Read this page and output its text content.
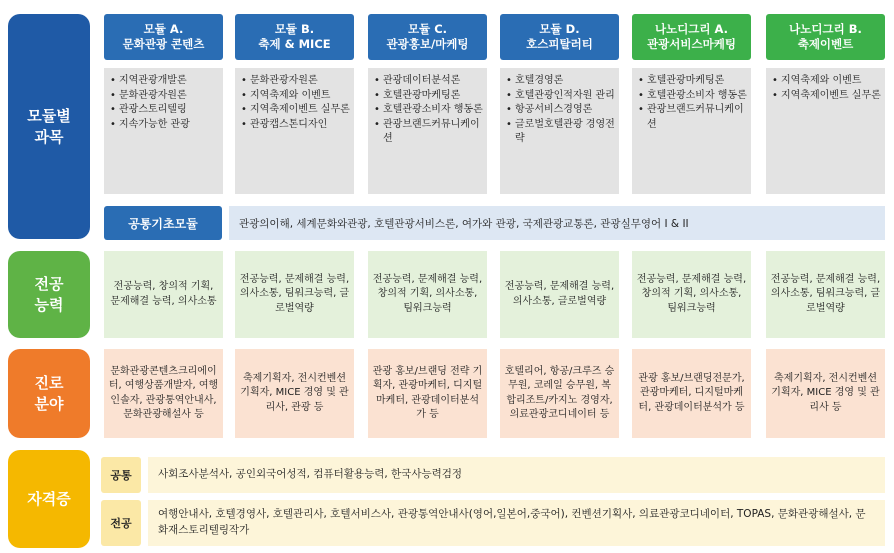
모듈별
과목
전공
능력
진로
분야
자격증
모듈 A.
문화관광 콘텐츠
모듈 B.
축제 & MICE
모듈 C.
관광홍보/마케팅
모듈 D.
호스피탈러티
나노디그리 A.
관광서비스마케팅
나노디그리 B.
축제이벤트
• 지역관광개발론
• 문화관광자원론
• 관광스토리텔링
• 지속가능한 관광
• 문화관광자원론
• 지역축제와 이벤트
• 지역축제이벤트 실무론
• 관광캡스톤디자인
• 관광데이터분석론
• 호텔관광마케팅론
• 호텔관광소비자 행동론
• 관광브랜드커뮤니케이션
• 호텔경영론
• 호텔관광인적자원 관리
• 항공서비스경영론
• 글로벌호텔관광 경영전략
• 호텔관광마케팅론
• 호텔관광소비자 행동론
• 관광브랜드커뮤니케이션
• 지역축제와 이벤트
• 지역축제이벤트 실무론
공통기초모듈	관광의이해, 세계문화와관광, 호텔관광서비스론, 여가와 관광, 국제관광교통론, 관광실무영어 I & II
전공능력, 창의적 기획, 문제해결 능력, 의사소통
전공능력, 문제해결 능력, 의사소통, 팀워크능력, 글로벌역량
전공능력, 문제해결 능력, 창의적 기획, 의사소통, 팀워크능력
전공능력, 문제해결 능력, 의사소통, 글로벌역량
전공능력, 문제해결 능력, 창의적 기획, 의사소통, 팀워크능력
전공능력, 문제해결 능력, 의사소통, 팀워크능력, 글로벌역량
문화관광콘텐츠크리에이터, 여행상품개발자, 여행인솔자, 관광통역안내사, 문화관광해설사 등
축제기획자, 전시컨벤션기획자, MICE 경영 및 관리사, 관광 등
관광 홍보/브랜딩 전략 기획자, 관광마케터, 디지털마케터, 관광데이터분석가 등
호텔리어, 항공/크루즈 승무원, 코레일 승무원, 복합리조트/카지노 경영자, 의료관광코디네이터 등
관광 홍보/브랜딩전문가, 관광마케터, 디지털마케터, 관광데이터분석가 등
축제기획자, 전시컨벤션 기획자, MICE 경영 및 관리사 등
공통	사회조사분석사, 공인외국어성적, 컴퓨터활용능력, 한국사능력검정
전공
여행안내사, 호텔경영사, 호텔관리사, 호텔서비스사, 관광통역안내사(영어,일본어,중국어), 컨벤션기획사, 의료관광코디네이터, TOPAS, 문화관광해설사, 문화재스토리텔링작가
